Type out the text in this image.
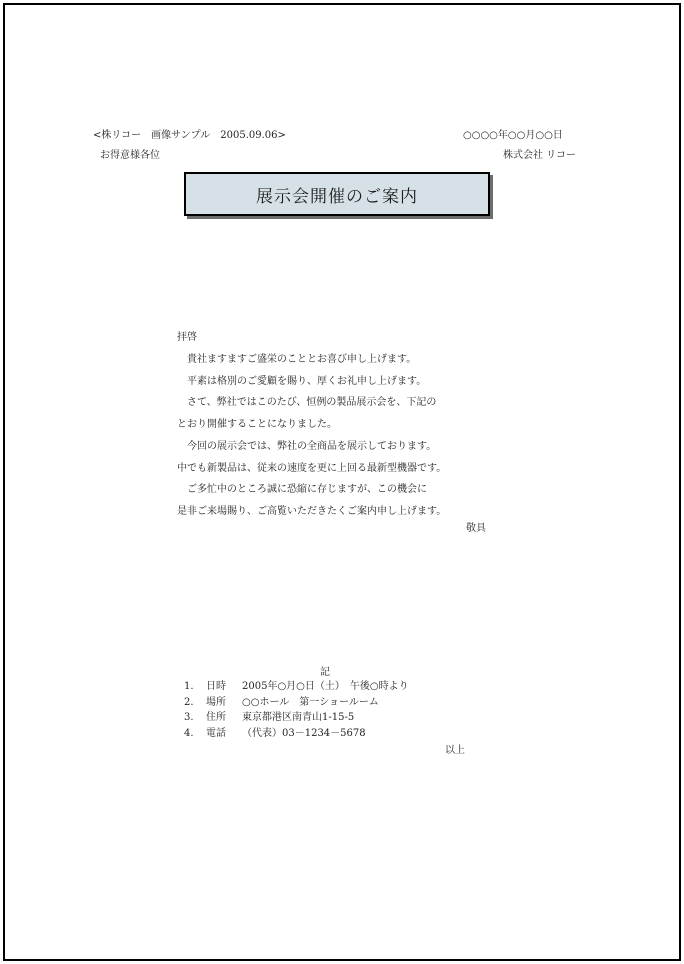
<株リコー　画像サンプル　2005.09.06>	○○○○年○○月○○日
お得意様各位	株式会社 リコー
展示会開催のご案内
拝啓
　貴社ますますご盛栄のこととお喜び申し上げます。
　平素は格別のご愛顧を賜り、厚くお礼申し上げます。
　さて、弊社ではこのたび、恒例の製品展示会を、下記の
とおり開催することになりました。
　今回の展示会では、弊社の全商品を展示しております。
中でも新製品は、従来の速度を更に上回る最新型機器です。
　ご多忙中のところ誠に恐縮に存じますが、この機会に
是非ご来場賜り、ご高覧いただきたくご案内申し上げます。
敬具
記
1.	日時	2005年○月○日（土）　午後○時より
2.	場所	○○ホール　第一ショールーム
3.	住所	東京都港区南青山1-15-5
4.	電話	（代表）03－1234－5678
以上
